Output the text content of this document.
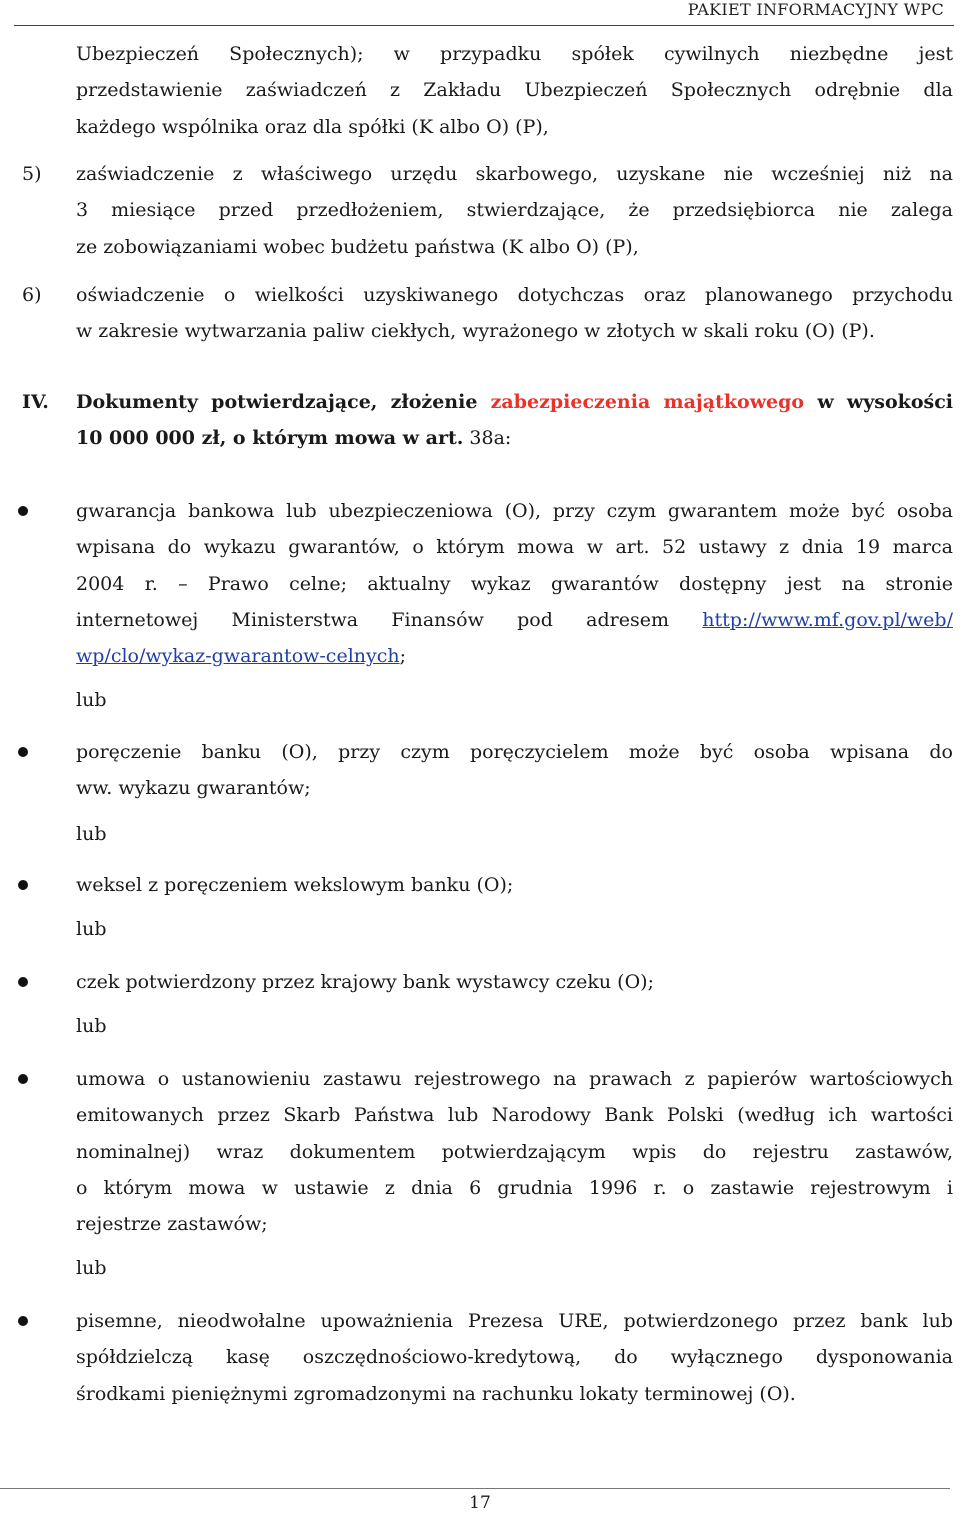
PAKIET INFORMACYJNY WPC
Ubezpieczeń Społecznych); w przypadku spółek cywilnych niezbędne jest
przedstawienie zaświadczeń z Zakładu Ubezpieczeń Społecznych odrębnie dla
każdego wspólnika oraz dla spółki (K albo O) (P),
5) zaświadczenie z właściwego urzędu skarbowego, uzyskane nie wcześniej niż na
3 miesiące przed przedłożeniem, stwierdzające, że przedsiębiorca nie zalega
ze zobowiązaniami wobec budżetu państwa (K albo O) (P),
6) oświadczenie o wielkości uzyskiwanego dotychczas oraz planowanego przychodu
w zakresie wytwarzania paliw ciekłych, wyrażonego w złotych w skali roku (O) (P).
IV. Dokumenty potwierdzające, złożenie zabezpieczenia majątkowego w wysokości
10 000 000 zł, o którym mowa w art. 38a:
gwarancja bankowa lub ubezpieczeniowa (O), przy czym gwarantem może być osoba
wpisana do wykazu gwarantów, o którym mowa w art. 52 ustawy z dnia 19 marca
2004 r. – Prawo celne; aktualny wykaz gwarantów dostępny jest na stronie
internetowej Ministerstwa Finansów pod adresem http://www.mf.gov.pl/web/
wp/clo/wykaz-gwarantow-celnych;
lub
poręczenie banku (O), przy czym poręczycielem może być osoba wpisana do
ww. wykazu gwarantów;
lub
weksel z poręczeniem wekslowym banku (O);
lub
czek potwierdzony przez krajowy bank wystawcy czeku (O);
lub
umowa o ustanowieniu zastawu rejestrowego na prawach z papierów wartościowych
emitowanych przez Skarb Państwa lub Narodowy Bank Polski (według ich wartości
nominalnej) wraz dokumentem potwierdzającym wpis do rejestru zastawów,
o którym mowa w ustawie z dnia 6 grudnia 1996 r. o zastawie rejestrowym i
rejestrze zastawów;
lub
pisemne, nieodwołalne upoważnienia Prezesa URE, potwierdzonego przez bank lub
spółdzielczą kasę oszczędnościowo-kredytową, do wyłącznego dysponowania
środkami pieniężnymi zgromadzonymi na rachunku lokaty terminowej (O).
17
